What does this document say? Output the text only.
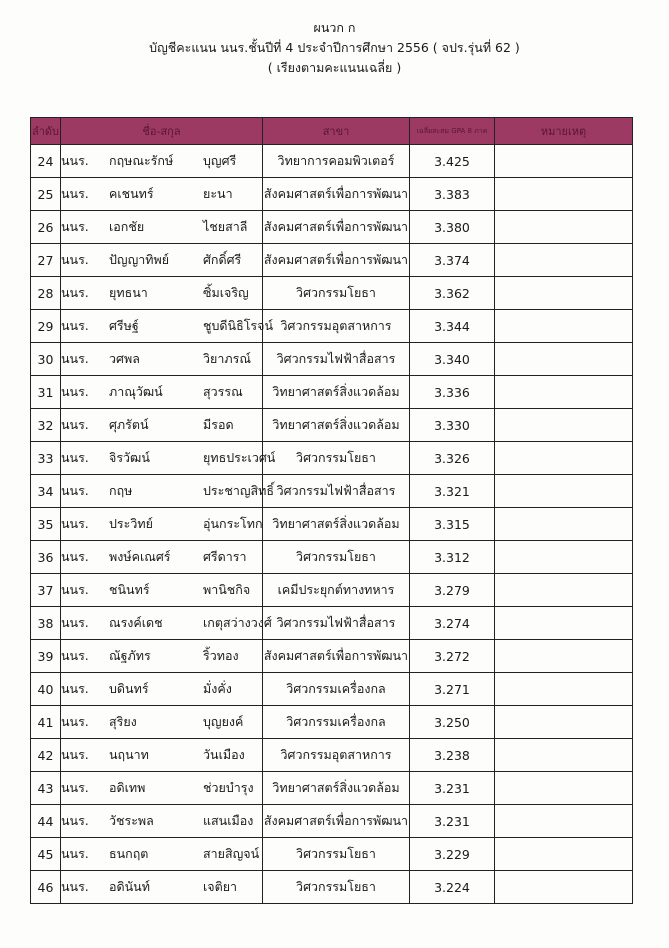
ผนวก ก
บัญชีคะแนน นนร.ชั้นปีที่ 4 ประจำปีการศึกษา 2556 ( จปร.รุ่นที่ 62 )
( เรียงตามคะแนนเฉลี่ย )
ลำดับ	ชื่อ-สกุล	สาขา	เฉลี่ยสะสม GPA 8 ภาค	หมายเหตุ
24	นนร. กฤษณะรักษ์ บุญศรี	วิทยาการคอมพิวเตอร์	3.425	
25	นนร. คเชนทร์ ยะนา	สังคมศาสตร์เพื่อการพัฒนา	3.383	
26	นนร. เอกชัย ไชยสาลี	สังคมศาสตร์เพื่อการพัฒนา	3.380	
27	นนร. ปัญญาทิพย์ ศักดิ์ศรี	สังคมศาสตร์เพื่อการพัฒนา	3.374	
28	นนร. ยุทธนา ซิ้มเจริญ	วิศวกรรมโยธา	3.362	
29	นนร. ศรีษฐ์ ชูบดีนิธิโรจน์	วิศวกรรมอุตสาหการ	3.344	
30	นนร. วศพล วิยาภรณ์	วิศวกรรมไฟฟ้าสื่อสาร	3.340	
31	นนร. ภาณุวัฒน์ สุวรรณ	วิทยาศาสตร์สิ่งแวดล้อม	3.336	
32	นนร. ศุภรัตน์ มีรอด	วิทยาศาสตร์สิ่งแวดล้อม	3.330	
33	นนร. จิรวัฒน์ ยุทธประเวศน์	วิศวกรรมโยธา	3.326	
34	นนร. กฤษ ประชาญสิทธิ์	วิศวกรรมไฟฟ้าสื่อสาร	3.321	
35	นนร. ประวิทย์ อุ่นกระโทก	วิทยาศาสตร์สิ่งแวดล้อม	3.315	
36	นนร. พงษ์คเณศร์ ศรีดารา	วิศวกรรมโยธา	3.312	
37	นนร. ชนินทร์ พานิชกิจ	เคมีประยุกต์ทางทหาร	3.279	
38	นนร. ณรงค์เดช เกตุสว่างวงศ์	วิศวกรรมไฟฟ้าสื่อสาร	3.274	
39	นนร. ณัฐภัทร ริ้วทอง	สังคมศาสตร์เพื่อการพัฒนา	3.272	
40	นนร. บดินทร์ มั่งคั่ง	วิศวกรรมเครื่องกล	3.271	
41	นนร. สุริยง บุญยงค์	วิศวกรรมเครื่องกล	3.250	
42	นนร. นฤนาท วันเมือง	วิศวกรรมอุตสาหการ	3.238	
43	นนร. อดิเทพ ช่วยบำรุง	วิทยาศาสตร์สิ่งแวดล้อม	3.231	
44	นนร. วัชระพล แสนเมือง	สังคมศาสตร์เพื่อการพัฒนา	3.231	
45	นนร. ธนกฤต สายสิญจน์	วิศวกรรมโยธา	3.229	
46	นนร. อดินันท์ เจติยา	วิศวกรรมโยธา	3.224	
